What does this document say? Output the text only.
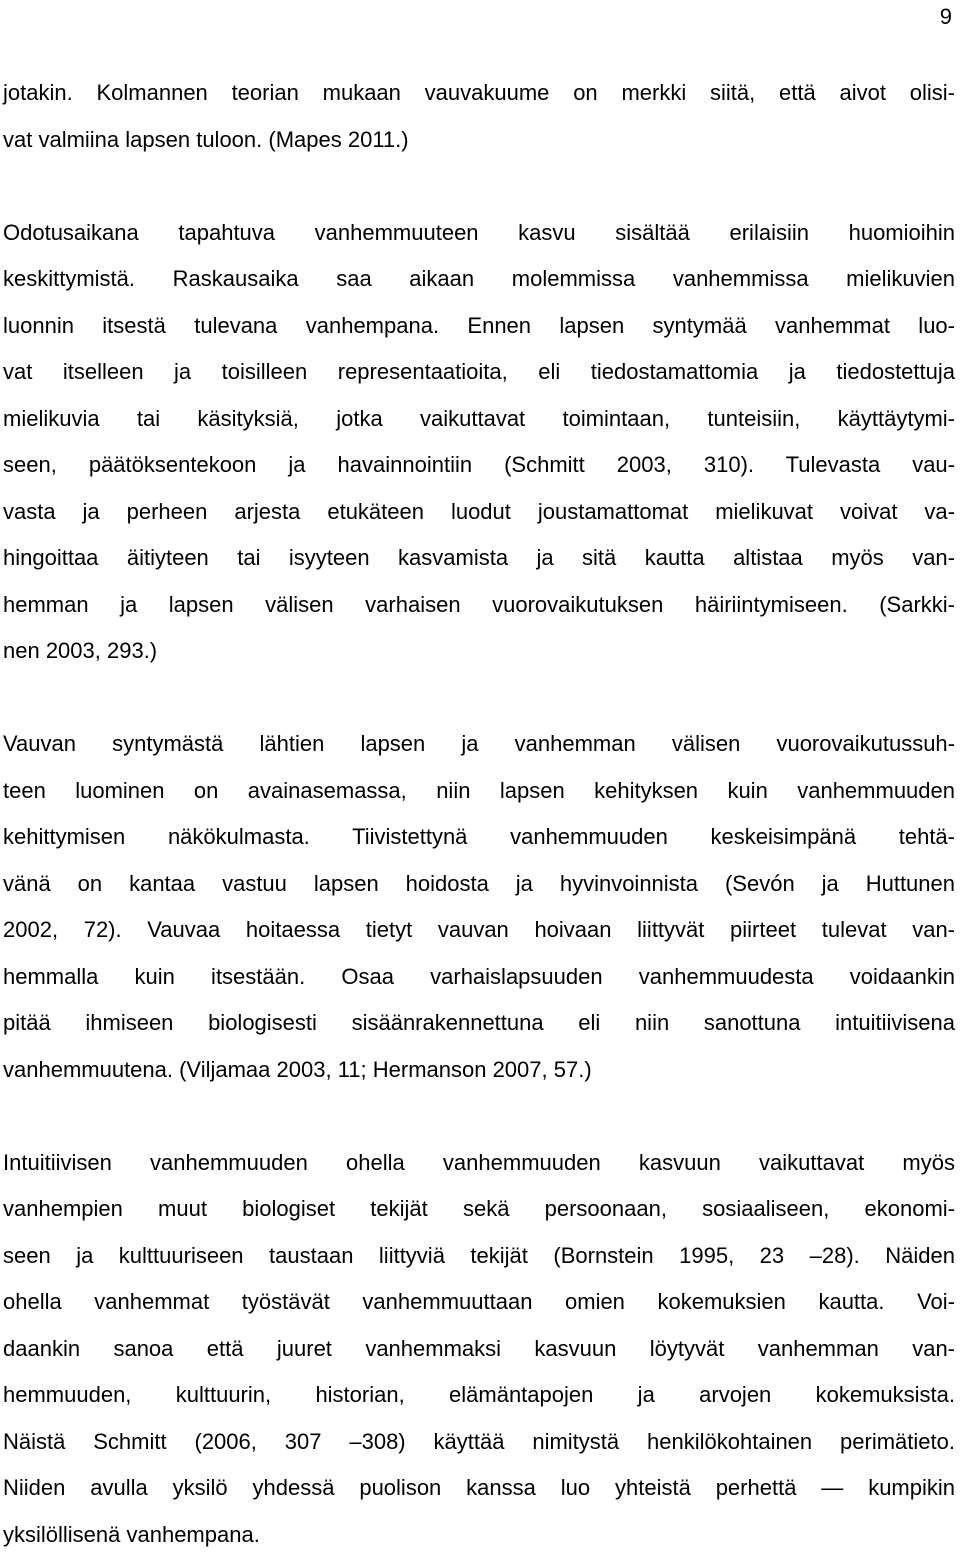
9
jotakin. Kolmannen teorian mukaan vauvakuume on merkki siitä, että aivot olisi-
vat valmiina lapsen tuloon. (Mapes 2011.)
Odotusaikana tapahtuva vanhemmuuteen kasvu sisältää erilaisiin huomioihin
keskittymistä. Raskausaika saa aikaan molemmissa vanhemmissa mielikuvien
luonnin itsestä tulevana vanhempana. Ennen lapsen syntymää vanhemmat luo-
vat itselleen ja toisilleen representaatioita, eli tiedostamattomia ja tiedostettuja
mielikuvia tai käsityksiä, jotka vaikuttavat toimintaan, tunteisiin, käyttäytymi-
seen, päätöksentekoon ja havainnointiin (Schmitt 2003, 310). Tulevasta vau-
vasta ja perheen arjesta etukäteen luodut joustamattomat mielikuvat voivat va-
hingoittaa äitiyteen tai isyyteen kasvamista ja sitä kautta altistaa myös van-
hemman ja lapsen välisen varhaisen vuorovaikutuksen häiriintymiseen. (Sarkki-
nen 2003, 293.)
Vauvan syntymästä lähtien lapsen ja vanhemman välisen vuorovaikutussuh-
teen luominen on avainasemassa, niin lapsen kehityksen kuin vanhemmuuden
kehittymisen näkökulmasta. Tiivistettynä vanhemmuuden keskeisimpänä tehtä-
vänä on kantaa vastuu lapsen hoidosta ja hyvinvoinnista (Sevón ja Huttunen
2002, 72). Vauvaa hoitaessa tietyt vauvan hoivaan liittyvät piirteet tulevat van-
hemmalla kuin itsestään. Osaa varhaislapsuuden vanhemmuudesta voidaankin
pitää ihmiseen biologisesti sisäänrakennettuna eli niin sanottuna intuitiivisena
vanhemmuutena. (Viljamaa 2003, 11; Hermanson 2007, 57.)
Intuitiivisen vanhemmuuden ohella vanhemmuuden kasvuun vaikuttavat myös
vanhempien muut biologiset tekijät sekä persoonaan, sosiaaliseen, ekonomi-
seen ja kulttuuriseen taustaan liittyviä tekijät (Bornstein 1995, 23 –28). Näiden
ohella vanhemmat työstävät vanhemmuuttaan omien kokemuksien kautta. Voi-
daankin sanoa että juuret vanhemmaksi kasvuun löytyvät vanhemman van-
hemmuuden, kulttuurin, historian, elämäntapojen ja arvojen kokemuksista.
Näistä Schmitt (2006, 307 –308) käyttää nimitystä henkilökohtainen perimätieto.
Niiden avulla yksilö yhdessä puolison kanssa luo yhteistä perhettä — kumpikin
yksilöllisenä vanhempana.
